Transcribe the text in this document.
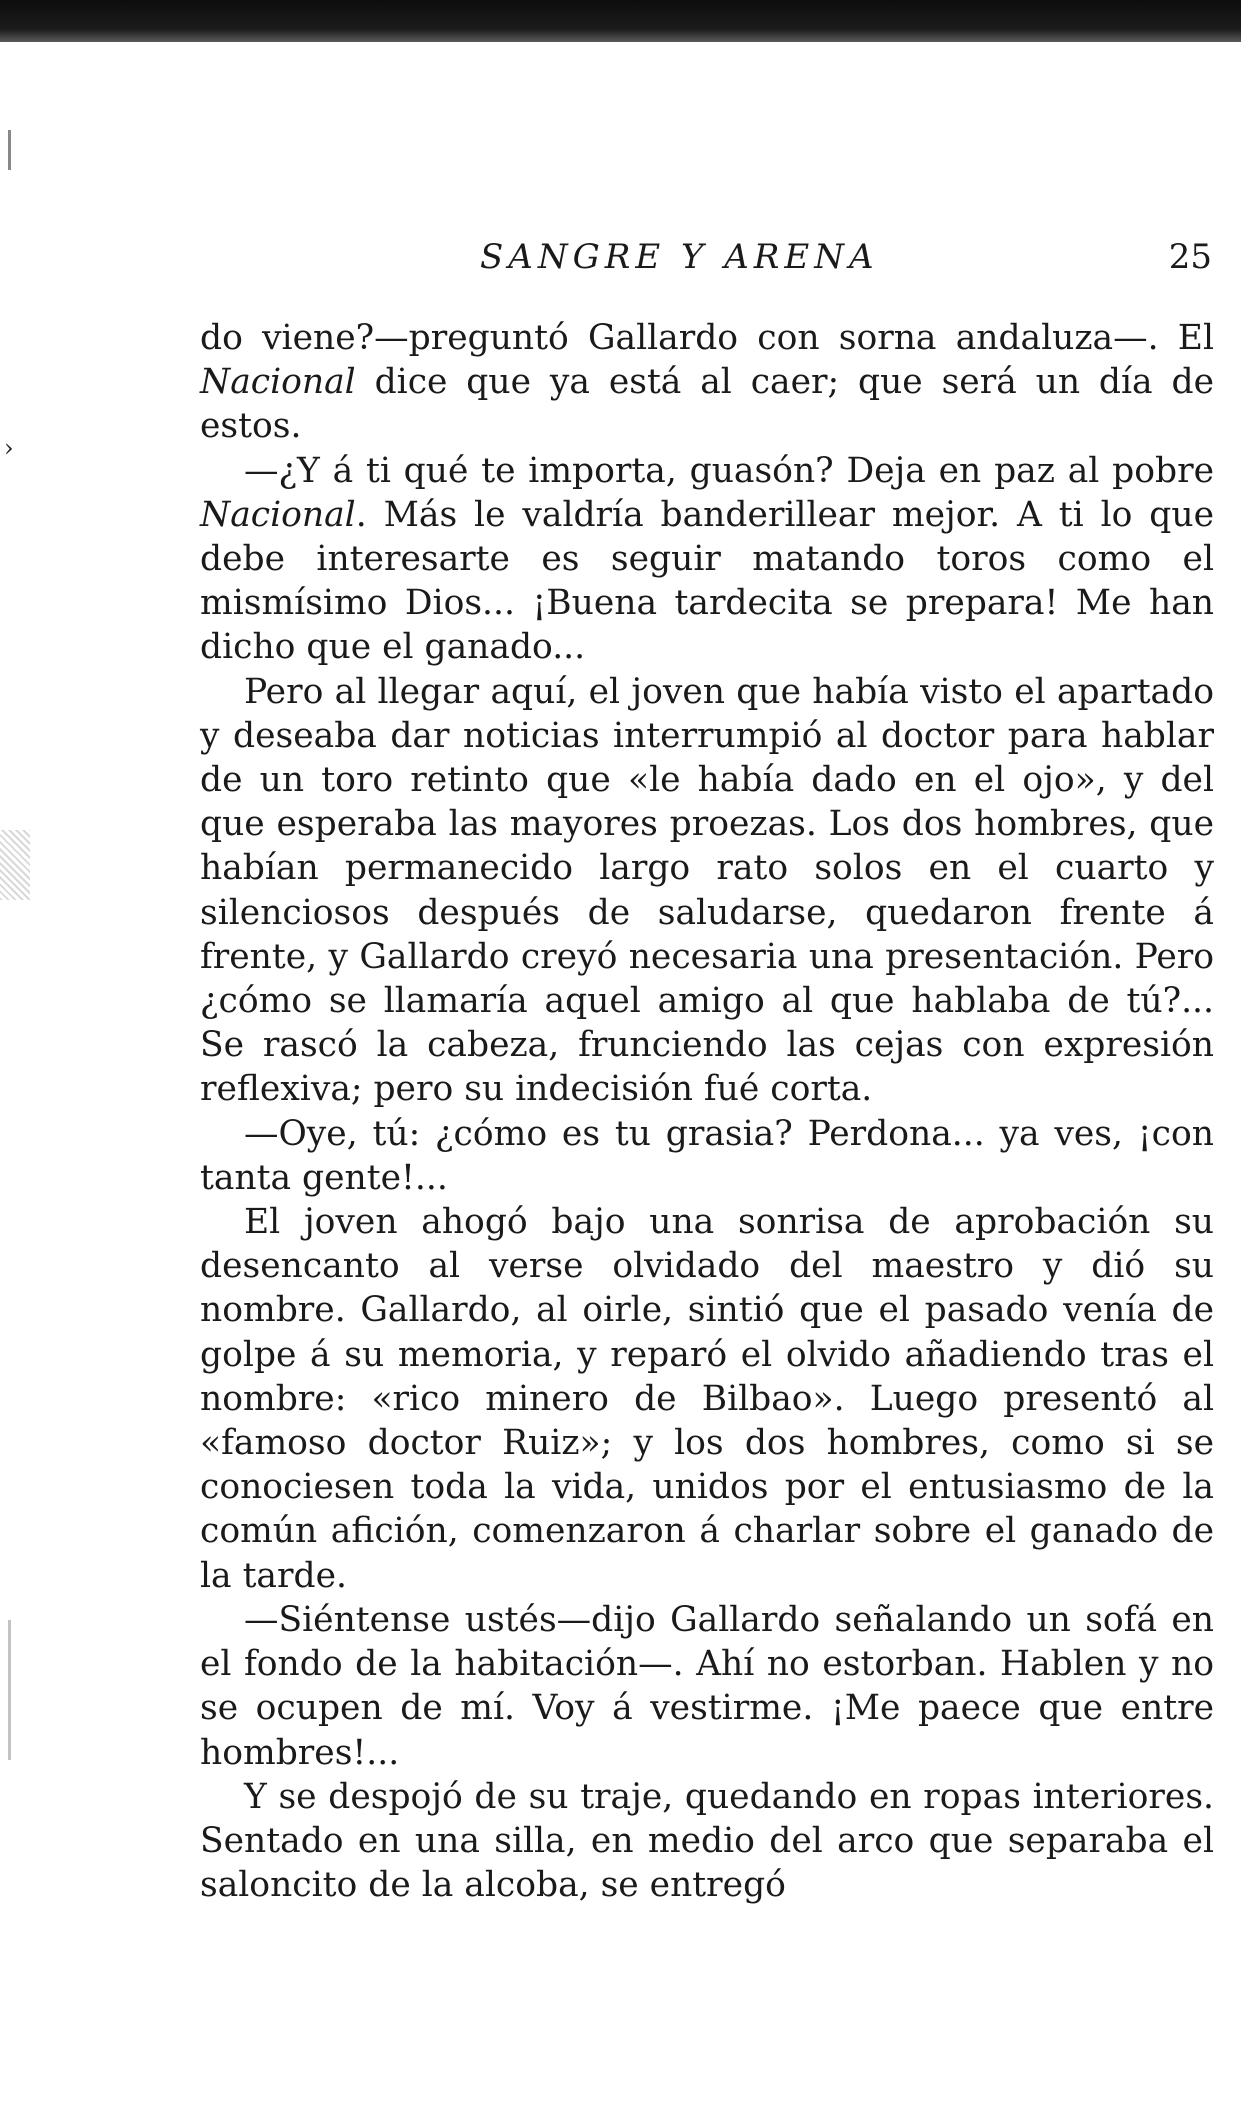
›
SANGRE Y ARENA	25

do viene?—preguntó Gallardo con sorna andaluza—. El Nacional dice que ya está al caer; que será un día de estos.

—¿Y á ti qué te importa, guasón? Deja en paz al pobre Nacional. Más le valdría banderillear mejor. A ti lo que debe interesarte es seguir matando toros como el mismísimo Dios... ¡Buena tardecita se prepara! Me han dicho que el ganado...

Pero al llegar aquí, el joven que había visto el apartado y deseaba dar noticias interrumpió al doctor para hablar de un toro retinto que «le había dado en el ojo», y del que esperaba las mayores proezas. Los dos hombres, que habían permanecido largo rato solos en el cuarto y silenciosos después de saludarse, quedaron frente á frente, y Gallardo creyó necesaria una presentación. Pero ¿cómo se llamaría aquel amigo al que hablaba de tú?... Se rascó la cabeza, frunciendo las cejas con expresión reflexiva; pero su indecisión fué corta.

—Oye, tú: ¿cómo es tu grasia? Perdona... ya ves, ¡con tanta gente!...

El joven ahogó bajo una sonrisa de aprobación su desencanto al verse olvidado del maestro y dió su nombre. Gallardo, al oirle, sintió que el pasado venía de golpe á su memoria, y reparó el olvido añadiendo tras el nombre: «rico minero de Bilbao». Luego presentó al «famoso doctor Ruiz»; y los dos hombres, como si se conociesen toda la vida, unidos por el entusiasmo de la común afición, comenzaron á charlar sobre el ganado de la tarde.

—Siéntense ustés—dijo Gallardo señalando un sofá en el fondo de la habitación—. Ahí no estorban. Hablen y no se ocupen de mí. Voy á vestirme. ¡Me paece que entre hombres!...

Y se despojó de su traje, quedando en ropas interiores. Sentado en una silla, en medio del arco que separaba el saloncito de la alcoba, se entregó
